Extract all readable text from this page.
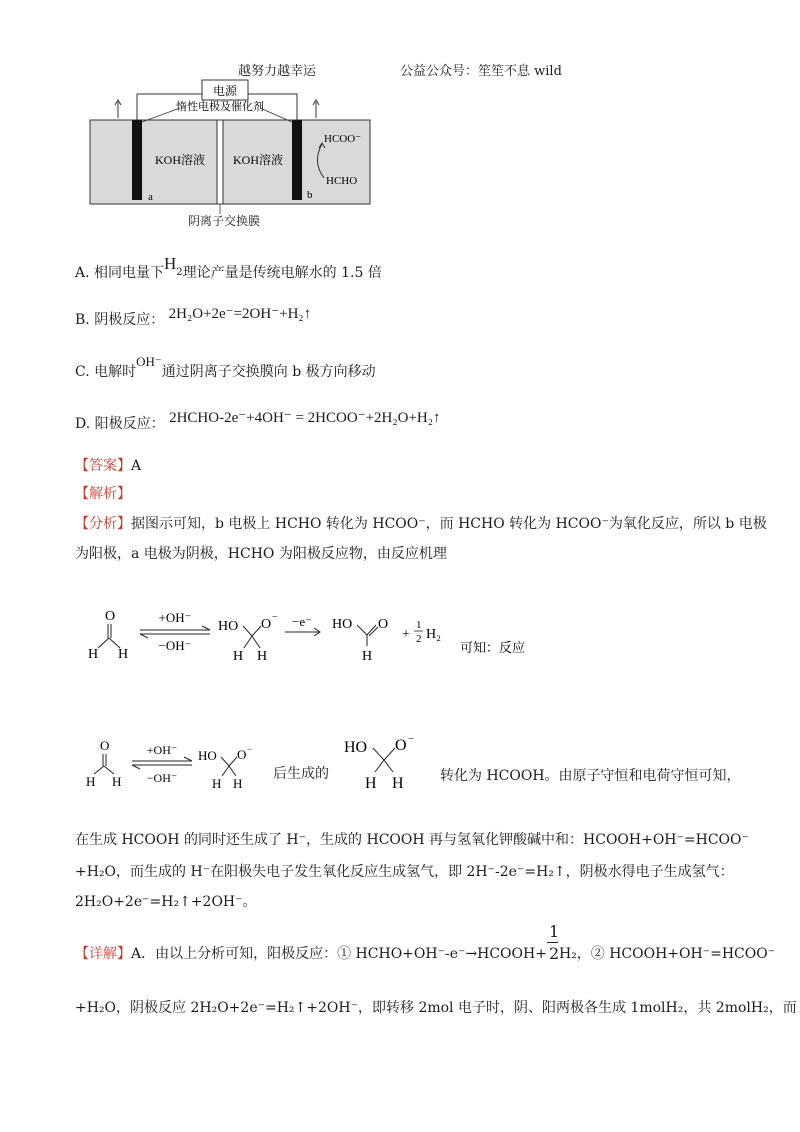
越努力越幸运	公益公众号：笙笙不息 wild
电源
惰性电极及催化剂
KOH溶液 KOH溶液
a	b
HCOO⁻
HCHO
阴离子交换膜
A. 相同电量下$H_2$理论产量是传统电解水的 1.5 倍
B. 阴极反应： 2H₂O+2e⁻=2OH⁻+H₂↑
C. 电解时OH⁻通过阴离子交换膜向 b 极方向移动
D. 阳极反应： 2HCHO-2e⁻+4OH⁻ = 2HCOO⁻+2H₂O+H₂↑
【答案】A
【解析】
【分析】据图示可知，b 电极上 HCHO 转化为 HCOO⁻，而 HCHO 转化为 HCOO⁻为氧化反应，所以 b 电极
为阳极，a 电极为阴极，HCHO 为阳极反应物，由反应机理
O
H H
+OH⁻
−OH⁻
HO O −
H H
−e⁻ HO O
H
+
1
2 H₂
可知：反应
O
H H
+OH⁻
−OH⁻
HO O −
H H
后生成的
HO O −
H H	转化为 HCOOH。由原子守恒和电荷守恒可知，
在生成 HCOOH 的同时还生成了 H⁻，生成的 HCOOH 再与氢氧化钾酸碱中和：HCOOH+OH⁻=HCOO⁻
+H₂O，而生成的 H⁻在阳极失电子发生氧化反应生成氢气，即 2H⁻-2e⁻=H₂↑，阴极水得电子生成氢气：
2H₂O+2e⁻=H₂↑+2OH⁻。
【详解】A．由以上分析可知，阳极反应：① HCHO+OH⁻-e⁻→HCOOH+ $\frac{1}{2} H_2$，② HCOOH+OH⁻=HCOO⁻
+H₂O，阴极反应 2H₂O+2e⁻=H₂↑+2OH⁻，即转移 2mol 电子时，阴、阳两极各生成 1molH₂，共 2molH₂，而
